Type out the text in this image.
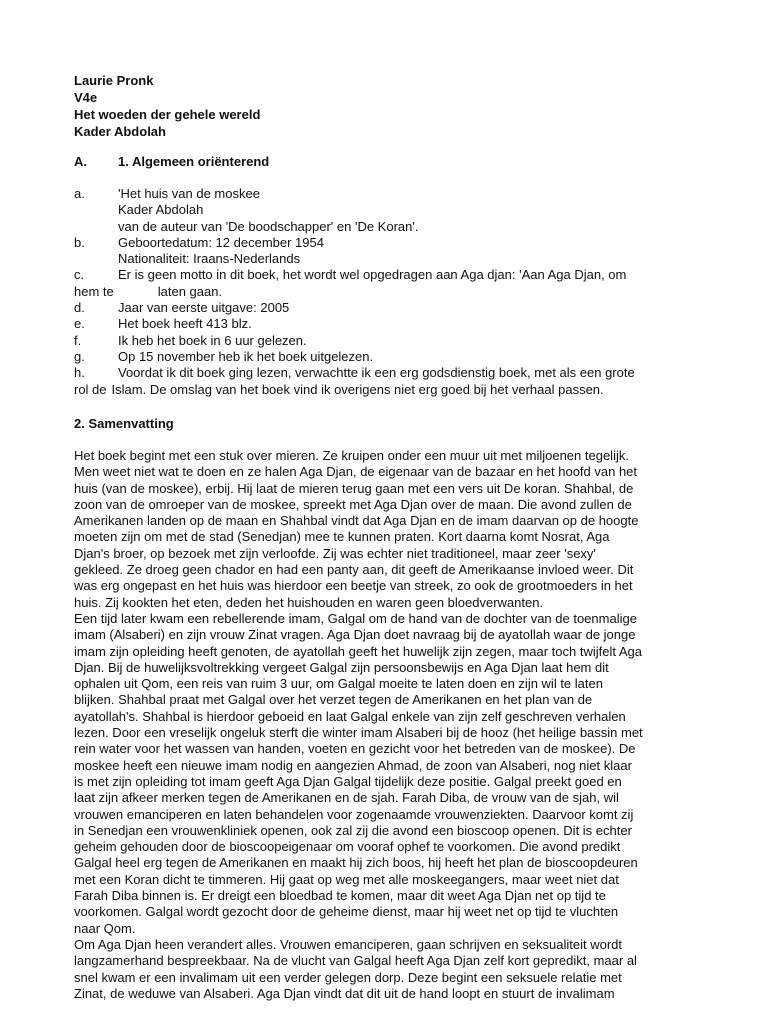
Laurie Pronk
V4e
Het woeden der gehele wereld
Kader Abdolah
A. 1. Algemeen oriënterend
a.	'Het huis van de moskee
Kader Abdolah
van de auteur van 'De boodschapper' en 'De Koran'.
b.	Geboortedatum: 12 december 1954
Nationaliteit: Iraans-Nederlands
c.	Er is geen motto in dit boek, het wordt wel opgedragen aan Aga djan: 'Aan Aga Djan, om
hem te	laten gaan.
d.	Jaar van eerste uitgave: 2005
e.	Het boek heeft 413 blz.
f.	Ik heb het boek in 6 uur gelezen.
g.	Op 15 november heb ik het boek uitgelezen.
h.	Voordat ik dit boek ging lezen, verwachtte ik een erg godsdienstig boek, met als een grote
rol de Islam. De omslag van het boek vind ik overigens niet erg goed bij het verhaal passen.
2. Samenvatting

Het boek begint met een stuk over mieren. Ze kruipen onder een muur uit met miljoenen tegelijk.
Men weet niet wat te doen en ze halen Aga Djan, de eigenaar van de bazaar en het hoofd van het
huis (van de moskee), erbij. Hij laat de mieren terug gaan met een vers uit De koran. Shahbal, de
zoon van de omroeper van de moskee, spreekt met Aga Djan over de maan. Die avond zullen de
Amerikanen landen op de maan en Shahbal vindt dat Aga Djan en de imam daarvan op de hoogte
moeten zijn om met de stad (Senedjan) mee te kunnen praten. Kort daarna komt Nosrat, Aga
Djan's broer, op bezoek met zijn verloofde. Zij was echter niet traditioneel, maar zeer 'sexy'
gekleed. Ze droeg geen chador en had een panty aan, dit geeft de Amerikaanse invloed weer. Dit
was erg ongepast en het huis was hierdoor een beetje van streek, zo ook de grootmoeders in het
huis. Zij kookten het eten, deden het huishouden en waren geen bloedverwanten.

Een tijd later kwam een rebellerende imam, Galgal om de hand van de dochter van de toenmalige
imam (Alsaberi) en zijn vrouw Zinat vragen. Aga Djan doet navraag bij de ayatollah waar de jonge
imam zijn opleiding heeft genoten, de ayatollah geeft het huwelijk zijn zegen, maar toch twijfelt Aga
Djan. Bij de huwelijksvoltrekking vergeet Galgal zijn persoonsbewijs en Aga Djan laat hem dit
ophalen uit Qom, een reis van ruim 3 uur, om Galgal moeite te laten doen en zijn wil te laten
blijken. Shahbal praat met Galgal over het verzet tegen de Amerikanen en het plan van de
ayatollah's. Shahbal is hierdoor geboeid en laat Galgal enkele van zijn zelf geschreven verhalen
lezen. Door een vreselijk ongeluk sterft die winter imam Alsaberi bij de hooz (het heilige bassin met
rein water voor het wassen van handen, voeten en gezicht voor het betreden van de moskee). De
moskee heeft een nieuwe imam nodig en aangezien Ahmad, de zoon van Alsaberi, nog niet klaar
is met zijn opleiding tot imam geeft Aga Djan Galgal tijdelijk deze positie. Galgal preekt goed en
laat zijn afkeer merken tegen de Amerikanen en de sjah. Farah Diba, de vrouw van de sjah, wil
vrouwen emanciperen en laten behandelen voor zogenaamde vrouwenziekten. Daarvoor komt zij
in Senedjan een vrouwenkliniek openen, ook zal zij die avond een bioscoop openen. Dit is echter
geheim gehouden door de bioscoopeigenaar om vooraf ophef te voorkomen. Die avond predikt
Galgal heel erg tegen de Amerikanen en maakt hij zich boos, hij heeft het plan de bioscoopdeuren
met een Koran dicht te timmeren. Hij gaat op weg met alle moskeegangers, maar weet niet dat
Farah Diba binnen is. Er dreigt een bloedbad te komen, maar dit weet Aga Djan net op tijd te
voorkomen. Galgal wordt gezocht door de geheime dienst, maar hij weet net op tijd te vluchten
naar Qom.

Om Aga Djan heen verandert alles. Vrouwen emanciperen, gaan schrijven en seksualiteit wordt
langzamerhand bespreekbaar. Na de vlucht van Galgal heeft Aga Djan zelf kort gepredikt, maar al
snel kwam er een invalimam uit een verder gelegen dorp. Deze begint een seksuele relatie met
Zinat, de weduwe van Alsaberi. Aga Djan vindt dat dit uit de hand loopt en stuurt de invalimam
